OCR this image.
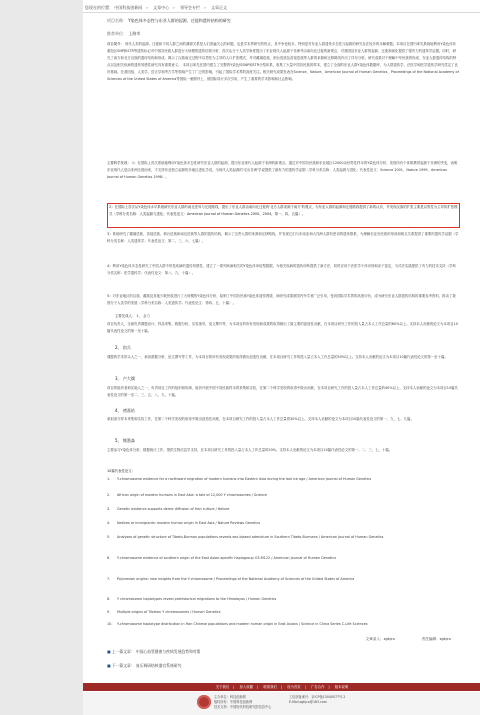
您现在的位置： 中国科技创新网 › 文章中心 › 领导会专栏 › 文章正文
项目名称： Y染色体多态性与东亚人群的起源、迁徙和遗传结构的研究
推荐单位： 上海市
项目简介： 现代人类的起源、迁徙和不同人群之间的渊源关系是人们普遍关心的问题，也是学术界研究的热点，其中争论较多。特别是对东亚人群遗传多态性与起源的研究存在较多的未解难题。本项目在国内率先系统地利用Y染色体非重组区SNP和STR等遗传标记对中国各民族人群进行大规模的遗传结构分析，首次从分子人类学角度提出了东亚现代人起源于非洲并由南向北迁徙的新观点，对我国及东亚人群的起源、迁徙和演化提供了强有力的遗传学证据。同时，研究了南方和北方汉族的遗传结构和形成，揭示了汉族南迁过程中以男性为主导的人口扩张模式，并对藏缅语族、侗台语族及苗瑶语族等人群的来源和迁移路线作出了详尽分析。研究成果对于理解中华民族的形成、东亚人群遗传结构的特点以及相关疾病的遗传易感性研究具有重要意义。 本项目率先在国内建立了完整的Y染色体SNP和STR分型体系，收集了大量中国各民族的样本，建立了全面的东亚人群Y染色体数据库，为人群遗传学、法医学和医学遗传学研究奠定了良好基础。在基因组、人类学、语言学和考古学等领域产生了广泛的影响，引起了国际学术界的高度关注。相关研究成果发表在Science、Nature、American Journal of Human Genetics、Proceedings of the National Academy of Sciences of the United States of America等国际一流期刊上，被国际同行多次引用，产生了重要的学术影响和社会影响。
主要科学发现： 1）在国际上首次系统地利用Y染色体多态性研究东亚人群的起源，提出东亚现代人起源于非洲的新观点。通过对中国各民族和东亚地区12000余份男性样本的Y染色体分析，发现所有个体都携带起源于非洲的突变，表明东亚现代人是由非洲迁徙而来，不支持东亚独立起源的多地区进化学说，为现代人类起源的'走出非洲'学说提供了最有力的遗传学证据（学科分类名称：人类起源与进化；代表性论文：Science 2001、Nature 1999、American Journal of Human Genetics 1998）。
2）在国际上首次从Y染色体水平系统研究东亚人群的南北差异与迁徙路线，提出了东亚人群由南向北迁徙的'北方人群来源于南方'的观点，为东亚人群的起源和迁徙路线提供了新的认识，并发现汉族的扩张主要是以男性为主导的扩张模式（学科分类名称：人类起源与进化；代表性论文：American Journal of Human Genetics 2000、2004，第一、四、五篇）。
3）系统研究了藏缅语族、苗瑶语族、侗台语族和南岛语族等人群的遗传结构，揭示了这些人群的来源和迁移路线，并发现它们与东南亚和大洋洲人群有密切的遗传联系，为理解东亚各民族的形成和相互关系提供了重要的遗传学证据（学科分类名称：人类遗传学；代表性论文：第二、三、六、七篇）。
4）利用Y染色体多态性研究了中国人群中常见疾病的遗传易感性，建立了一系列疾病相关的Y染色体单倍型数据，为相关疾病的遗传诊断提供了新方法，同时应用于法医学个体识别和亲子鉴定，为司法实践提供了有力的技术支持（学科分类名称：医学遗传学；代表性论文：第八、九、十篇）。
5）对东亚地区的汉族、藏族及其他少数民族进行了大规模的Y染色体分析，绘制了中国各民族Y染色体遗传图谱，该研究成果被国内外学者广泛引用，受到国际学术界的高度评价，成为研究东亚人群遗传结构的重要参考资料，推动了我国分子人类学的发展（学科分类名称：人类遗传学；代表性论文：第四、五、十篇）。
主要完成人： 1、 金力
项目负责人，全面负责课题设计、样品采集、数据分析，实验指导，论文撰写等，为本项目的所有发现和成果的取得做出了最主要的创造性贡献，在本项目研究工作的投入量占本人工作总量的60%以上。支持本人贡献的论文为本项目10篇代表性论文的第一至十篇。
2、 宿兵
课题的学术带头人之一，承担数据分析、论文撰写等工作，为本项目的所有发现成果的取得做出创造性贡献，在本项目研究工作的投入量占本人工作总量的50%以上。支持本人贡献的论文为本项目10篇代表性论文的第一至十篇。
3、 卢大儒
项目的组织者和实施人之一，负责项目工作的组织和协调，组织开展中国不同民族样本的采集和实验，在第二个科学发现的取得中做出贡献，在本项目研究工作的投入量占本人工作总量的40%以上。支持本人贡献的论文为本项目10篇代表性论文的第一至二、三、五、八、九、十篇。
4、 褚嘉祐
承担部分样本采集和实验工作，在第二个科学发现的取得中做出创造性贡献，在本项目研究工作的投入量占本人工作总量的30%以上。支持本人贡献的论文为本项目10篇代表性论文的第一、九、七、九篇。
5、 熊墨淼
主要参与Y染色体分析、数据统计工作，提供生物信息学支持，在本项目研究工作的投入量占本人工作总量的20%。支持本人贡献的论文为本项目10篇代表性论文的第一、二、三、七、十篇。
10篇代表性论文：
1. Y-chromosome evidence for a northward migration of modern humans into Eastern Asia during the last ice age / American Journal of Human Genetics
2. African origin of modern humans in East Asia: a tale of 12,000 Y chromosomes / Science
3. Genetic evidence supports demic diffusion of Han culture / Nature
4. Natives or immigrants: modern human origin in East Asia / Nature Reviews Genetics
5. Analyses of genetic structure of Tibeto-Burman populations reveals sex-biased admixture in Southern Tibeto-Burmans / American Journal of Human Genetics
6. Y-chromosome evidence of southern origin of the East Asian-specific haplogroup O3-M122 / American Journal of Human Genetics
7. Polynesian origins: new insights from the Y-chromosome / Proceedings of the National Academy of Sciences of the United States of America
8. Y chromosome haplotypes reveal prehistorical migrations to the Himalayas / Human Genetics
9. Multiple origins of Tibetan Y chromosomes / Human Genetics
10. Y-chromosome haplotype distribution in Han Chinese populations and modern human origin in East Asians / Science in China Series C-Life Sciences
文章录入：zgkjcx	责任编辑：zgkjcx
■ 上一篇文章： 中国心血管健康与疾病发展趋势和对策
■ 下一篇文章： 血压调研结核器官系统研究
关于我们 | 加入收藏 | 联系我们 | 设为首页 | 广告合作 | 版本说明
主办单位：科技创新网
版权所有：中国科技创新网
技术支持：中国现代科技研究院信息中心
工信部备案号：京ICP备13040577号-2
E-Mail:zgkjcx@163.com
